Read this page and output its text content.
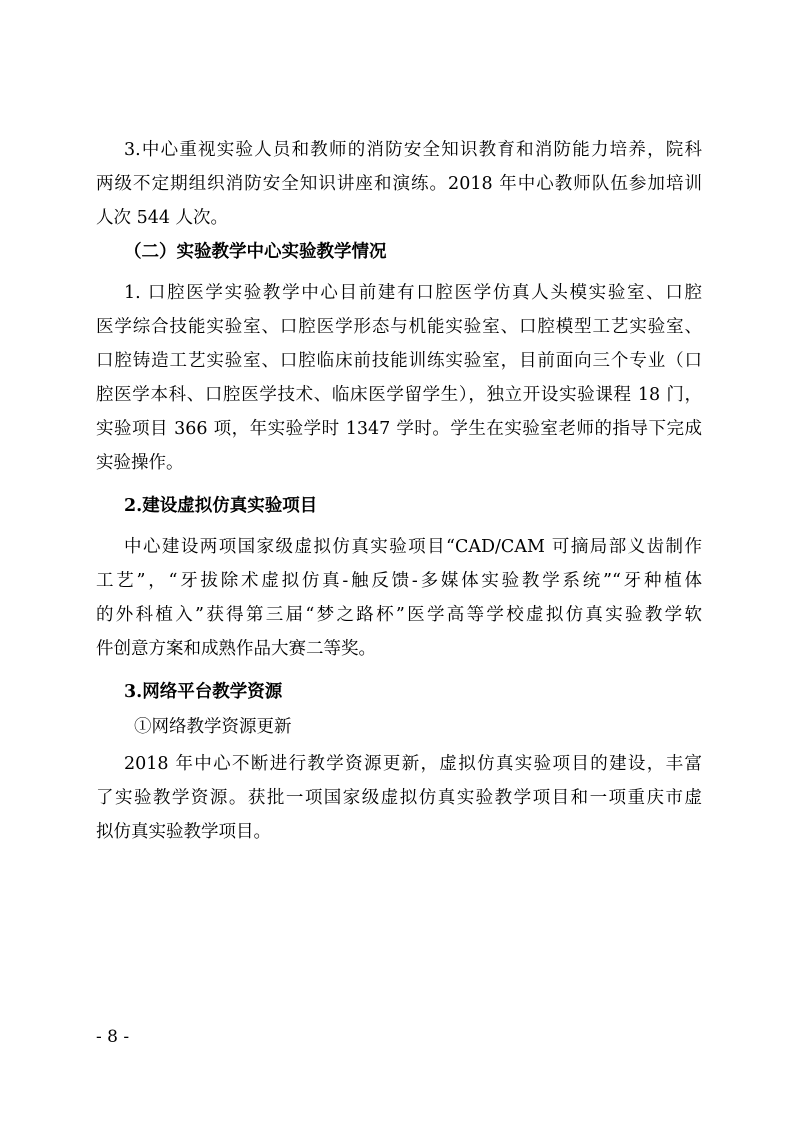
3.中心重视实验人员和教师的消防安全知识教育和消防能力培养，院科
两级不定期组织消防安全知识讲座和演练。2018 年中心教师队伍参加培训
人次 544 人次。
（二）实验教学中心实验教学情况
1. 口腔医学实验教学中心目前建有口腔医学仿真人头模实验室、口腔
医学综合技能实验室、口腔医学形态与机能实验室、口腔模型工艺实验室、
口腔铸造工艺实验室、口腔临床前技能训练实验室，目前面向三个专业（口
腔医学本科、口腔医学技术、临床医学留学生），独立开设实验课程 18 门，
实验项目 366 项，年实验学时 1347 学时。学生在实验室老师的指导下完成
实验操作。
2.建设虚拟仿真实验项目
中心建设两项国家级虚拟仿真实验项目“CAD/CAM 可摘局部义齿制作
工艺”，“牙拔除术虚拟仿真-触反馈-多媒体实验教学系统”“牙种植体
的外科植入”获得第三届“梦之路杯”医学高等学校虚拟仿真实验教学软
件创意方案和成熟作品大赛二等奖。
3.网络平台教学资源
①网络教学资源更新
2018 年中心不断进行教学资源更新，虚拟仿真实验项目的建设，丰富
了实验教学资源。获批一项国家级虚拟仿真实验教学项目和一项重庆市虚
拟仿真实验教学项目。
- 8 -
